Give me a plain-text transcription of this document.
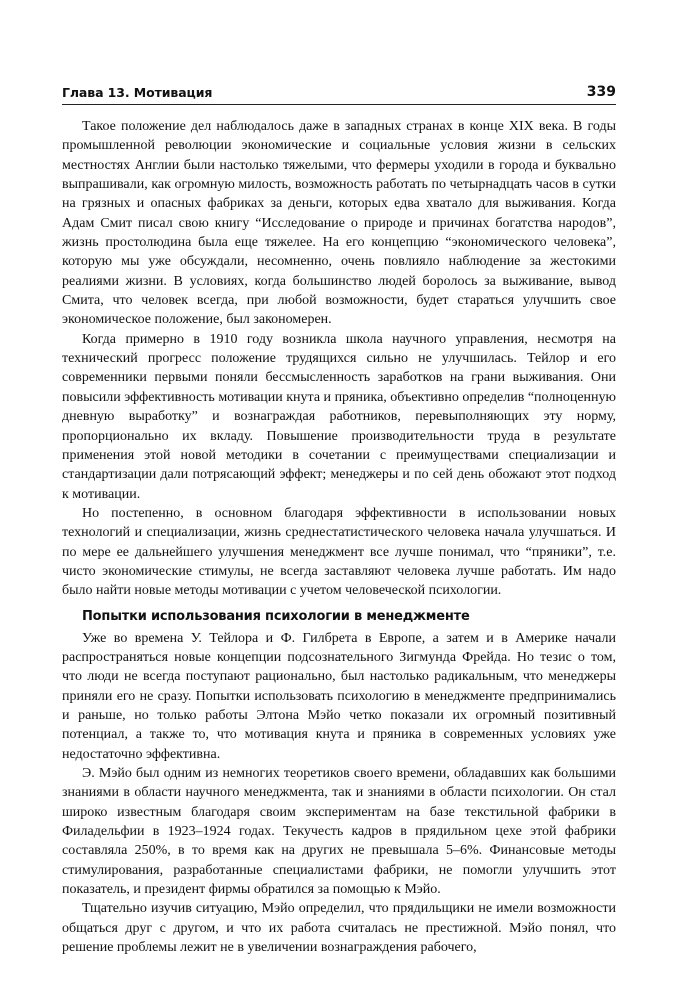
Глава 13. Мотивация	339

Такое положение дел наблюдалось даже в западных странах в конце XIX века. В годы промышленной революции экономические и социальные условия жизни в сельских местностях Англии были настолько тяжелыми, что фермеры уходили в города и буквально выпрашивали, как огромную милость, возможность работать по четырнадцать часов в сутки на грязных и опасных фабриках за деньги, которых едва хватало для выживания. Когда Адам Смит писал свою книгу “Исследование о природе и причинах богатства народов”, жизнь простолюдина была еще тяжелее. На его концепцию “экономического человека”, которую мы уже обсуждали, несомненно, очень повлияло наблюдение за жестокими реалиями жизни. В условиях, когда большинство людей боролось за выживание, вывод Смита, что человек всегда, при любой возможности, будет стараться улучшить свое экономическое положение, был закономерен.

Когда примерно в 1910 году возникла школа научного управления, несмотря на технический прогресс положение трудящихся сильно не улучшилась. Тейлор и его современники первыми поняли бессмысленность заработков на грани выживания. Они повысили эффективность мотивации кнута и пряника, объективно определив “полноценную дневную выработку” и вознаграждая работников, перевыполняющих эту норму, пропорционально их вкладу. Повышение производительности труда в результате применения этой новой методики в сочетании с преимуществами специализации и стандартизации дали потрясающий эффект; менеджеры и по сей день обожают этот подход к мотивации.

Но постепенно, в основном благодаря эффективности в использовании новых технологий и специализации, жизнь среднестатистического человека начала улучшаться. И по мере ее дальнейшего улучшения менеджмент все лучше понимал, что “пряники”, т.е. чисто экономические стимулы, не всегда заставляют человека лучше работать. Им надо было найти новые методы мотивации с учетом человеческой психологии.

Попытки использования психологии в менеджменте

Уже во времена У. Тейлора и Ф. Гилбрета в Европе, а затем и в Америке начали распространяться новые концепции подсознательного Зигмунда Фрейда. Но тезис о том, что люди не всегда поступают рационально, был настолько радикальным, что менеджеры приняли его не сразу. Попытки использовать психологию в менеджменте предпринимались и раньше, но только работы Элтона Мэйо четко показали их огромный позитивный потенциал, а также то, что мотивация кнута и пряника в современных условиях уже недостаточно эффективна.

Э. Мэйо был одним из немногих теоретиков своего времени, обладавших как большими знаниями в области научного менеджмента, так и знаниями в области психологии. Он стал широко известным благодаря своим экспериментам на базе текстильной фабрики в Филадельфии в 1923–1924 годах. Текучесть кадров в прядильном цехе этой фабрики составляла 250%, в то время как на других не превышала 5–6%. Финансовые методы стимулирования, разработанные специалистами фабрики, не помогли улучшить этот показатель, и президент фирмы обратился за помощью к Мэйо.

Тщательно изучив ситуацию, Мэйо определил, что прядильщики не имели возможности общаться друг с другом, и что их работа считалась не престижной. Мэйо понял, что решение проблемы лежит не в увеличении вознаграждения рабочего,
